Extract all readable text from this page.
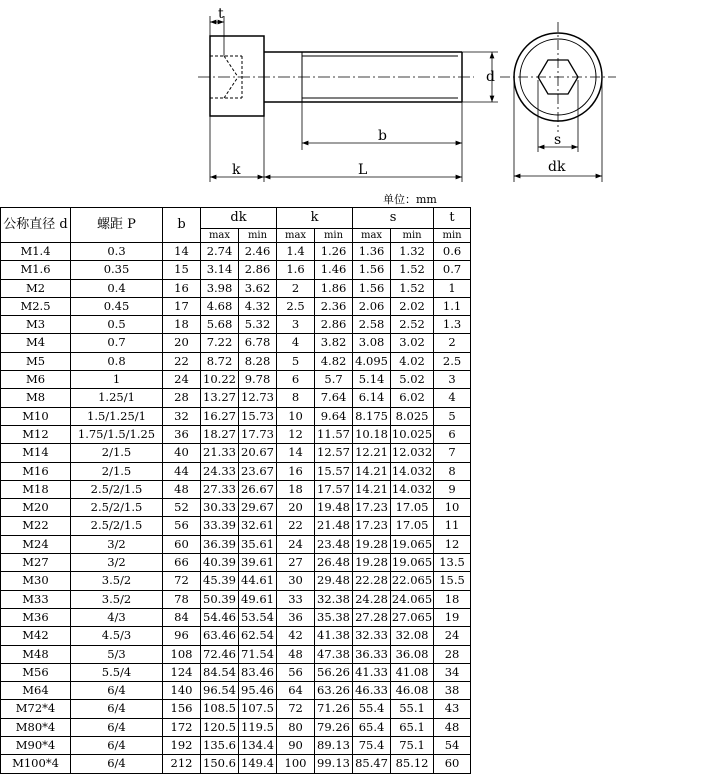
t
d
b
k	L
s
dk
单位：mm
公称直径 d	螺距 P	b	dk		k		s		t
			max	min	max	min	max	min	min
M1.4	0.3	14	2.74	2.46	1.4	1.26	1.36	1.32	0.6
M1.6	0.35	15	3.14	2.86	1.6	1.46	1.56	1.52	0.7
M2	0.4	16	3.98	3.62	2	1.86	1.56	1.52	1
M2.5	0.45	17	4.68	4.32	2.5	2.36	2.06	2.02	1.1
M3	0.5	18	5.68	5.32	3	2.86	2.58	2.52	1.3
M4	0.7	20	7.22	6.78	4	3.82	3.08	3.02	2
M5	0.8	22	8.72	8.28	5	4.82	4.095	4.02	2.5
M6	1	24	10.22	9.78	6	5.7	5.14	5.02	3
M8	1.25/1	28	13.27	12.73	8	7.64	6.14	6.02	4
M10	1.5/1.25/1	32	16.27	15.73	10	9.64	8.175	8.025	5
M12	1.75/1.5/1.25	36	18.27	17.73	12	11.57	10.18	10.025	6
M14	2/1.5	40	21.33	20.67	14	12.57	12.21	12.032	7
M16	2/1.5	44	24.33	23.67	16	15.57	14.21	14.032	8
M18	2.5/2/1.5	48	27.33	26.67	18	17.57	14.21	14.032	9
M20	2.5/2/1.5	52	30.33	29.67	20	19.48	17.23	17.05	10
M22	2.5/2/1.5	56	33.39	32.61	22	21.48	17.23	17.05	11
M24	3/2	60	36.39	35.61	24	23.48	19.28	19.065	12
M27	3/2	66	40.39	39.61	27	26.48	19.28	19.065	13.5
M30	3.5/2	72	45.39	44.61	30	29.48	22.28	22.065	15.5
M33	3.5/2	78	50.39	49.61	33	32.38	24.28	24.065	18
M36	4/3	84	54.46	53.54	36	35.38	27.28	27.065	19
M42	4.5/3	96	63.46	62.54	42	41.38	32.33	32.08	24
M48	5/3	108	72.46	71.54	48	47.38	36.33	36.08	28
M56	5.5/4	124	84.54	83.46	56	56.26	41.33	41.08	34
M64	6/4	140	96.54	95.46	64	63.26	46.33	46.08	38
M72*4	6/4	156	108.5	107.5	72	71.26	55.4	55.1	43
M80*4	6/4	172	120.5	119.5	80	79.26	65.4	65.1	48
M90*4	6/4	192	135.6	134.4	90	89.13	75.4	75.1	54
M100*4	6/4	212	150.6	149.4	100	99.13	85.47	85.12	60
